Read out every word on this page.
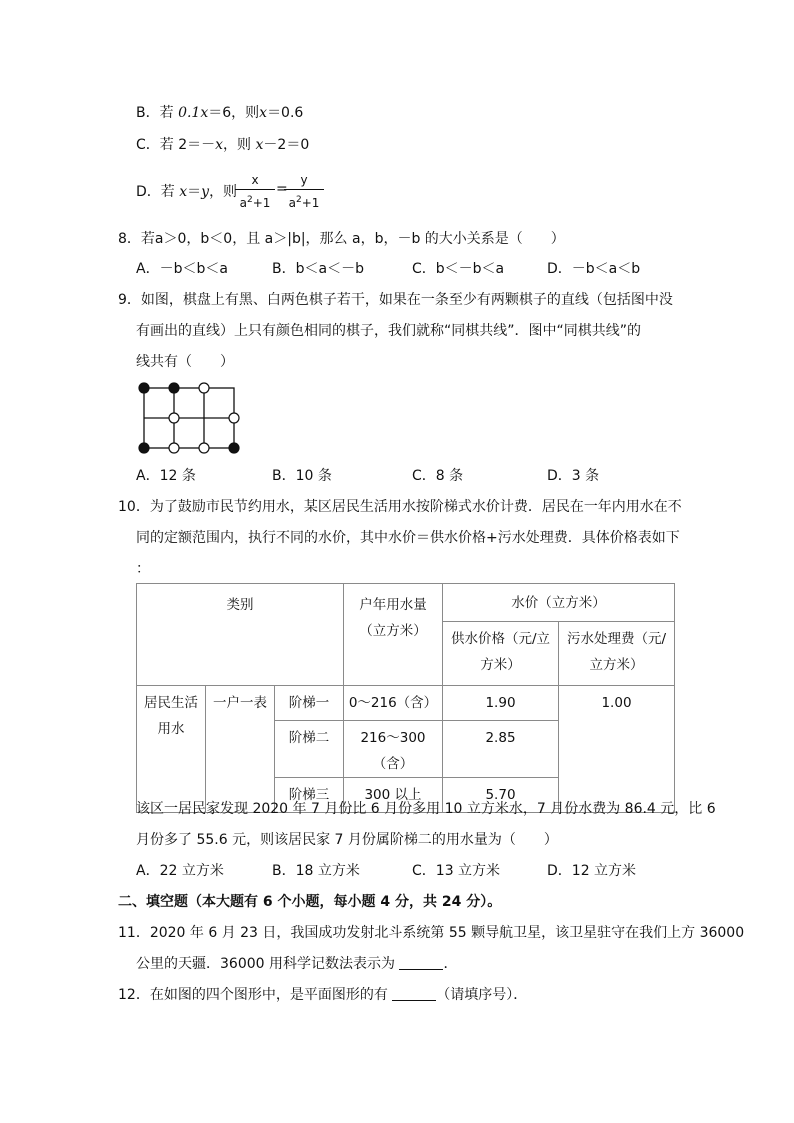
B．若 0.1x＝6，则x＝0.6
C．若 2＝－x，则 x－2＝0
D．若 x＝y，则
x
$a^2+1$
=
y
$a^2+1$
8．若a＞0，b＜0，且 a＞|b|，那么 a，b，－b 的大小关系是（　　）
A．－b＜b＜a	B．b＜a＜－b	C．b＜－b＜a	D．－b＜a＜b
9．如图，棋盘上有黑、白两色棋子若干，如果在一条至少有两颗棋子的直线（包括图中没
有画出的直线）上只有颜色相同的棋子，我们就称“同棋共线”．图中“同棋共线”的
线共有（　　）
A．12 条	B．10 条	C．8 条	D．3 条
10．为了鼓励市民节约用水，某区居民生活用水按阶梯式水价计费．居民在一年内用水在不
同的定额范围内，执行不同的水价，其中水价＝供水价格+污水处理费．具体价格表如下
：
类别			户年用水量（立方米）	水价（立方米）	
				供水价格（元/立方米）	污水处理费（元/立方米）
居民生活用水	一户一表	阶梯一	0～216（含）	1.90	1.00
		阶梯二	216～300（含）	2.85	
		阶梯三	300 以上	5.70	
该区一居民家发现 2020 年 7 月份比 6 月份多用 10 立方米水，7 月份水费为 86.4 元，比 6
月份多了 55.6 元，则该居民家 7 月份属阶梯二的用水量为（　　）
A．22 立方米	B．18 立方米	C．13 立方米	D．12 立方米
二、填空题（本大题有 6 个小题，每小题 4 分，共 24 分）。
11．2020 年 6 月 23 日，我国成功发射北斗系统第 55 颗导航卫星，该卫星驻守在我们上方 36000
公里的天疆．36000 用科学记数法表示为	．
12．在如图的四个图形中，是平面图形的有	（请填序号）．
